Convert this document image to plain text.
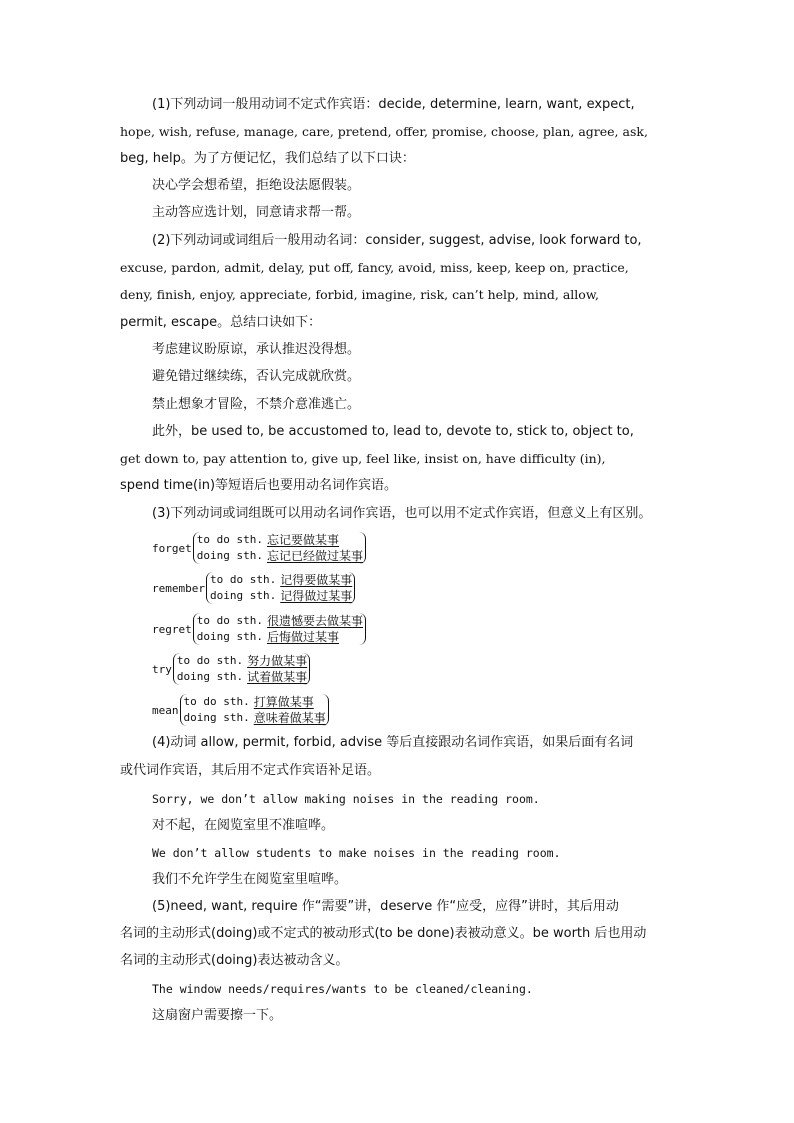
(1)下列动词一般用动词不定式作宾语：decide, determine, learn, want, expect,
hope, wish, refuse, manage, care, pretend, offer, promise, choose, plan, agree, ask,
beg, help。为了方便记忆，我们总结了以下口诀：
决心学会想希望，拒绝设法愿假装。
主动答应选计划，同意请求帮一帮。
(2)下列动词或词组后一般用动名词：consider, suggest, advise, look forward to,
excuse, pardon, admit, delay, put off, fancy, avoid, miss, keep, keep on, practice,
deny, finish, enjoy, appreciate, forbid, imagine, risk, can’t help, mind, allow,
permit, escape。总结口诀如下：
考虑建议盼原谅，承认推迟没得想。
避免错过继续练，否认完成就欣赏。
禁止想象才冒险，不禁介意准逃亡。
此外，be used to, be accustomed to, lead to, devote to, stick to, object to,
get down to, pay attention to, give up, feel like, insist on, have difficulty (in),
spend time(in)等短语后也要用动名词作宾语。
(3)下列动词或词组既可以用动名词作宾语，也可以用不定式作宾语，但意义上有区别。
forget
to do sth. 忘记要做某事
doing sth. 忘记已经做过某事
remember
to do sth. 记得要做某事
doing sth. 记得做过某事
regret
to do sth. 很遗憾要去做某事
doing sth. 后悔做过某事
try
to do sth. 努力做某事
doing sth. 试着做某事
mean
to do sth. 打算做某事
doing sth. 意味着做某事
(4)动词 allow, permit, forbid, advise 等后直接跟动名词作宾语，如果后面有名词
或代词作宾语，其后用不定式作宾语补足语。
Sorry, we don’t allow making noises in the reading room.
对不起，在阅览室里不准喧哗。
We don’t allow students to make noises in the reading room.
我们不允许学生在阅览室里喧哗。
(5)need, want, require 作“需要”讲，deserve 作“应受，应得”讲时，其后用动
名词的主动形式(doing)或不定式的被动形式(to be done)表被动意义。be worth 后也用动
名词的主动形式(doing)表达被动含义。
The window needs/requires/wants to be cleaned/cleaning.
这扇窗户需要擦一下。
